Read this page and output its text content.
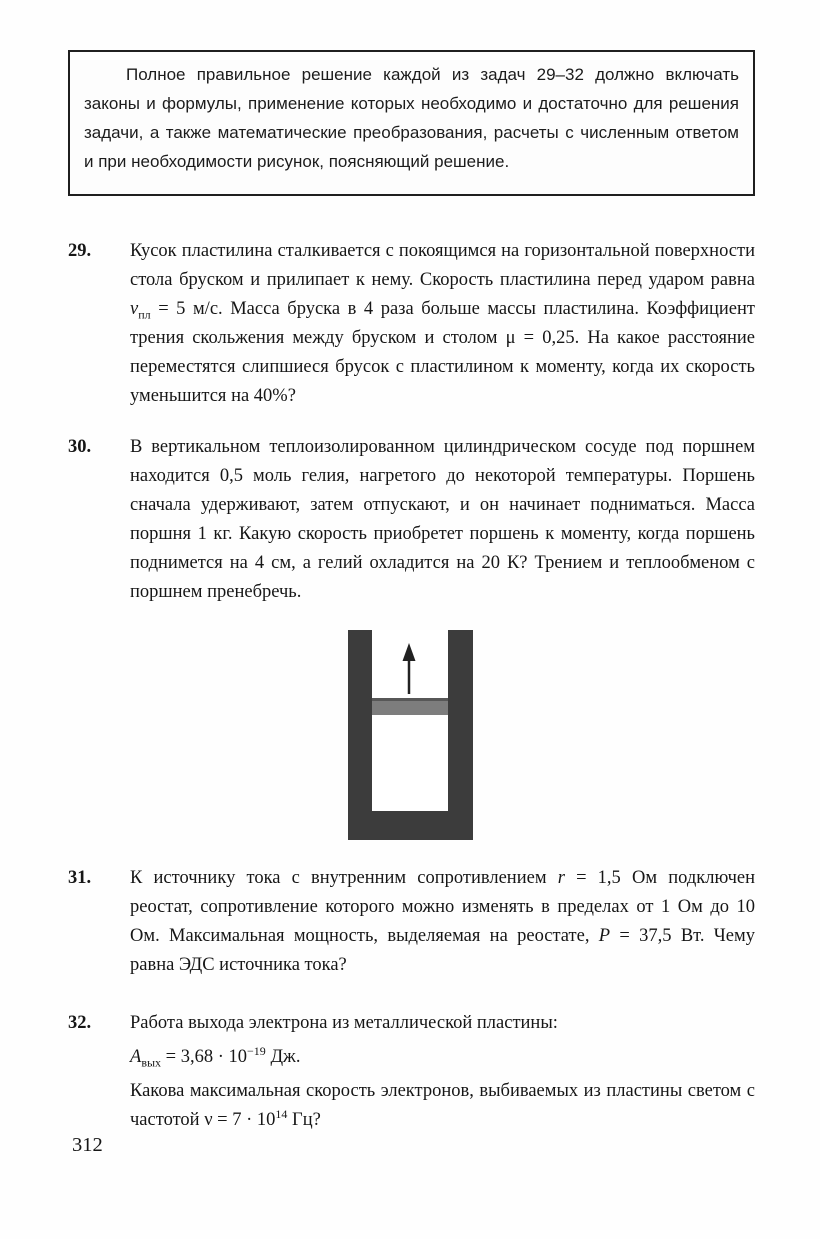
Полное правильное решение каждой из задач 29–32 должно включать законы и формулы, применение которых необходимо и достаточно для решения задачи, а также математические преобразования, расчеты с численным ответом и при необходимости рисунок, поясняющий решение.

29.	Кусок пластилина сталкивается с покоящимся на горизонтальной поверхности стола бруском и прилипает к нему. Скорость пластилина перед ударом равна $v_{пл} = 5$ м/с. Масса бруска в 4 раза больше массы пластилина. Коэффициент трения скольжения между бруском и столом μ = 0,25. На какое расстояние переместятся слипшиеся брусок с пластилином к моменту, когда их скорость уменьшится на 40%?

30.	В вертикальном теплоизолированном цилиндрическом сосуде под поршнем находится 0,5 моль гелия, нагретого до некоторой температуры. Поршень сначала удерживают, затем отпускают, и он начинает подниматься. Масса поршня 1 кг. Какую скорость приобретет поршень к моменту, когда поршень поднимется на 4 см, а гелий охладится на 20 К? Трением и теплообменом с поршнем пренебречь.

31.	К источнику тока с внутренним сопротивлением r = 1,5 Ом подключен реостат, сопротивление которого можно изменять в пределах от 1 Ом до 10 Ом. Максимальная мощность, выделяемая на реостате, P = 37,5 Вт. Чему равна ЭДС источника тока?

32.	Работа выхода электрона из металлической пластины:

$A_{вых} = 3,68 \cdot 10^{-19}$ Дж.

Какова максимальная скорость электронов, выбиваемых из пластины светом с частотой $\nu = 7 \cdot 10^{14}$ Гц?

312
